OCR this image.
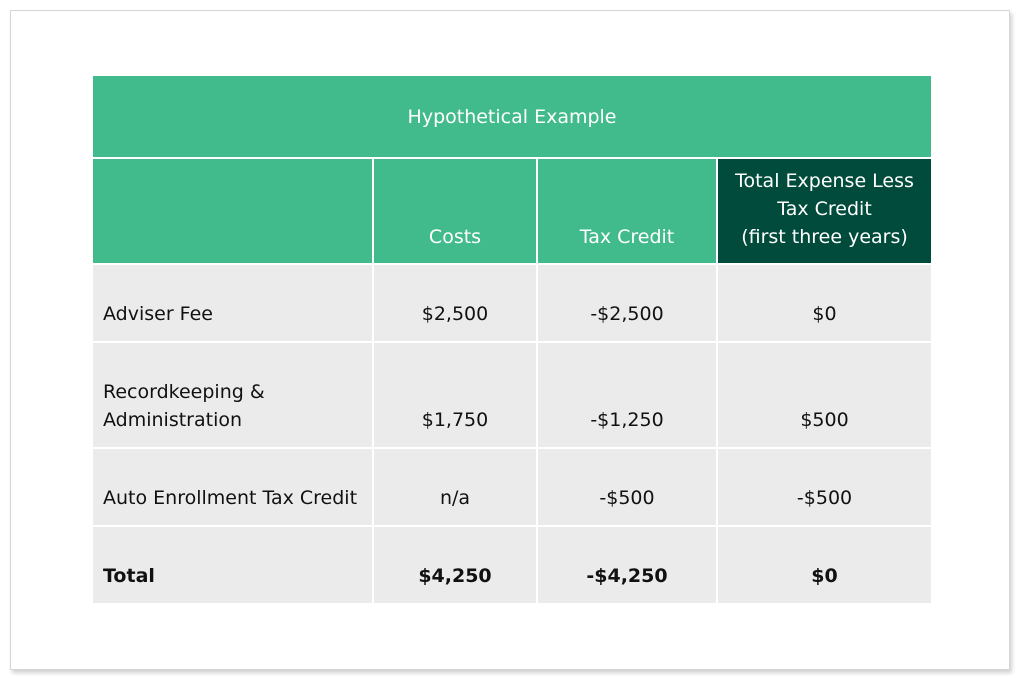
Hypothetical Example			
	Costs	Tax Credit	Total Expense Less
Tax Credit
(first three years)

Adviser Fee	$2,500	-$2,500	$0

Recordkeeping &
Administration	$1,750	-$1,250	$500

Auto Enrollment Tax Credit	n/a	-$500	-$500

Total	$4,250	-$4,250	$0
